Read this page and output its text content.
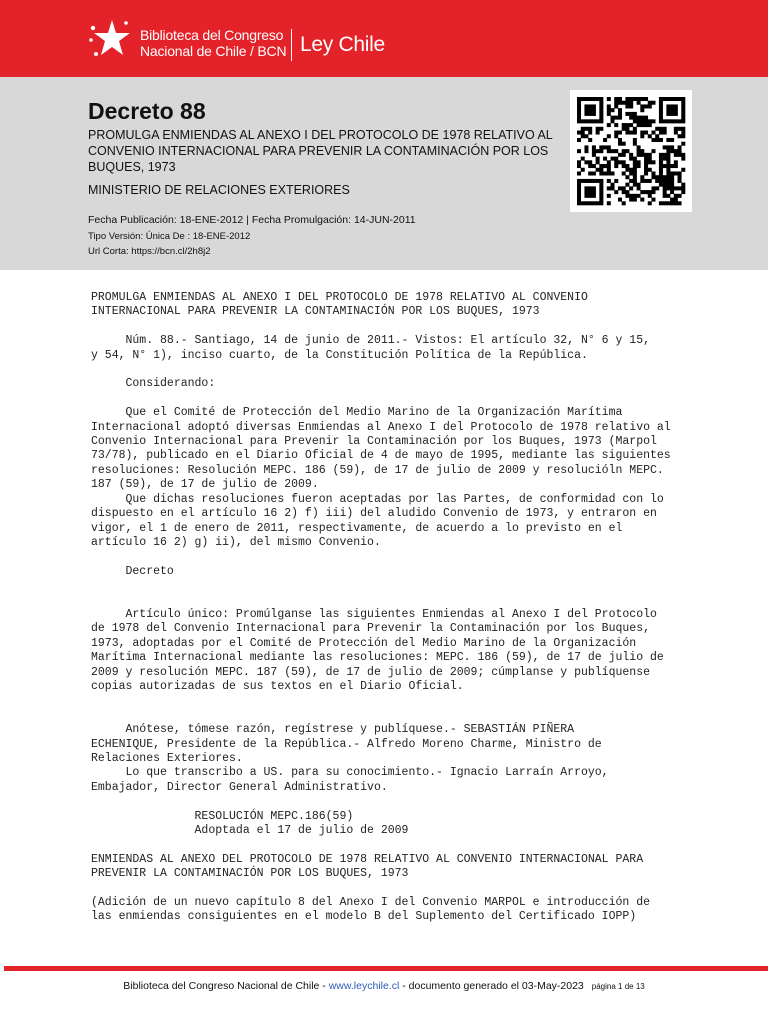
Biblioteca del Congreso
Nacional de Chile / BCN Ley Chile
Decreto 88
PROMULGA ENMIENDAS AL ANEXO I DEL PROTOCOLO DE 1978 RELATIVO AL CONVENIO INTERNACIONAL PARA PREVENIR LA CONTAMINACIÓN POR LOS BUQUES, 1973
MINISTERIO DE RELACIONES EXTERIORES
Fecha Publicación: 18-ENE-2012 | Fecha Promulgación: 14-JUN-2011
Tipo Versión: Única De : 18-ENE-2012
Url Corta: https://bcn.cl/2h8j2
PROMULGA ENMIENDAS AL ANEXO I DEL PROTOCOLO DE 1978 RELATIVO AL CONVENIO
INTERNACIONAL PARA PREVENIR LA CONTAMINACIÓN POR LOS BUQUES, 1973

Núm. 88.- Santiago, 14 de junio de 2011.- Vistos: El artículo 32, N° 6 y 15,
y 54, N° 1), inciso cuarto, de la Constitución Política de la República.

Considerando:

Que el Comité de Protección del Medio Marino de la Organización Marítima
Internacional adoptó diversas Enmiendas al Anexo I del Protocolo de 1978 relativo al
Convenio Internacional para Prevenir la Contaminación por los Buques, 1973 (Marpol
73/78), publicado en el Diario Oficial de 4 de mayo de 1995, mediante las siguientes
resoluciones: Resolución MEPC. 186 (59), de 17 de julio de 2009 y resolucióln MEPC.
187 (59), de 17 de julio de 2009.
Que dichas resoluciones fueron aceptadas por las Partes, de conformidad con lo
dispuesto en el artículo 16 2) f) iii) del aludido Convenio de 1973, y entraron en
vigor, el 1 de enero de 2011, respectivamente, de acuerdo a lo previsto en el
artículo 16 2) g) ii), del mismo Convenio.

Decreto

Artículo único: Promúlganse las siguientes Enmiendas al Anexo I del Protocolo
de 1978 del Convenio Internacional para Prevenir la Contaminación por los Buques,
1973, adoptadas por el Comité de Protección del Medio Marino de la Organización
Marítima Internacional mediante las resoluciones: MEPC. 186 (59), de 17 de julio de
2009 y resolución MEPC. 187 (59), de 17 de julio de 2009; cúmplanse y publíquense
copias autorizadas de sus textos en el Diario Oficial.

Anótese, tómese razón, regístrese y publíquese.- SEBASTIÁN PIÑERA
ECHENIQUE, Presidente de la República.- Alfredo Moreno Charme, Ministro de
Relaciones Exteriores.
Lo que transcribo a US. para su conocimiento.- Ignacio Larraín Arroyo,
Embajador, Director General Administrativo.

RESOLUCIÓN MEPC.186(59)
Adoptada el 17 de julio de 2009

ENMIENDAS AL ANEXO DEL PROTOCOLO DE 1978 RELATIVO AL CONVENIO INTERNACIONAL PARA
PREVENIR LA CONTAMINACIÓN POR LOS BUQUES, 1973

(Adición de un nuevo capítulo 8 del Anexo I del Convenio MARPOL e introducción de
las enmiendas consiguientes en el modelo B del Suplemento del Certificado IOPP)
Biblioteca del Congreso Nacional de Chile - www.leychile.cl - documento generado el 03-May-2023 página 1 de 13
